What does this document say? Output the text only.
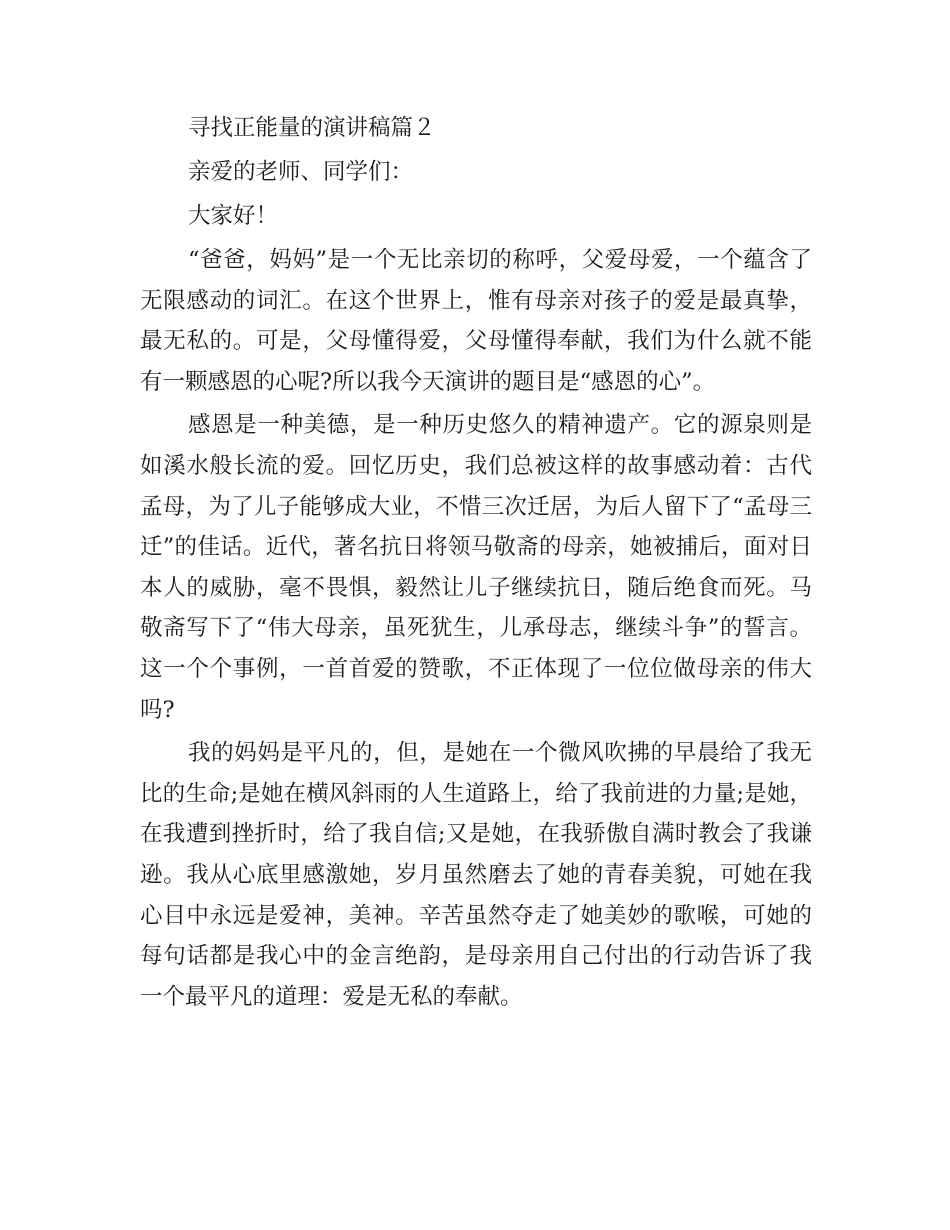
寻找正能量的演讲稿篇２

亲爱的老师、同学们：

大家好！

“爸爸，妈妈”是一个无比亲切的称呼，父爱母爱，一个蕴含了无限感动的词汇。在这个世界上，惟有母亲对孩子的爱是最真挚，最无私的。可是，父母懂得爱，父母懂得奉献，我们为什么就不能有一颗感恩的心呢?所以我今天演讲的题目是“感恩的心”。

感恩是一种美德，是一种历史悠久的精神遗产。它的源泉则是如溪水般长流的爱。回忆历史，我们总被这样的故事感动着：古代孟母，为了儿子能够成大业，不惜三次迁居，为后人留下了“孟母三迁”的佳话。近代，著名抗日将领马敬斋的母亲，她被捕后，面对日本人的威胁，毫不畏惧，毅然让儿子继续抗日，随后绝食而死。马敬斋写下了“伟大母亲，虽死犹生，儿承母志，继续斗争”的誓言。这一个个事例，一首首爱的赞歌，不正体现了一位位做母亲的伟大吗?

我的妈妈是平凡的，但，是她在一个微风吹拂的早晨给了我无比的生命;是她在横风斜雨的人生道路上，给了我前进的力量;是她，在我遭到挫折时，给了我自信;又是她，在我骄傲自满时教会了我谦逊。我从心底里感激她，岁月虽然磨去了她的青春美貌，可她在我心目中永远是爱神，美神。辛苦虽然夺走了她美妙的歌喉，可她的每句话都是我心中的金言绝韵，是母亲用自己付出的行动告诉了我一个最平凡的道理：爱是无私的奉献。
